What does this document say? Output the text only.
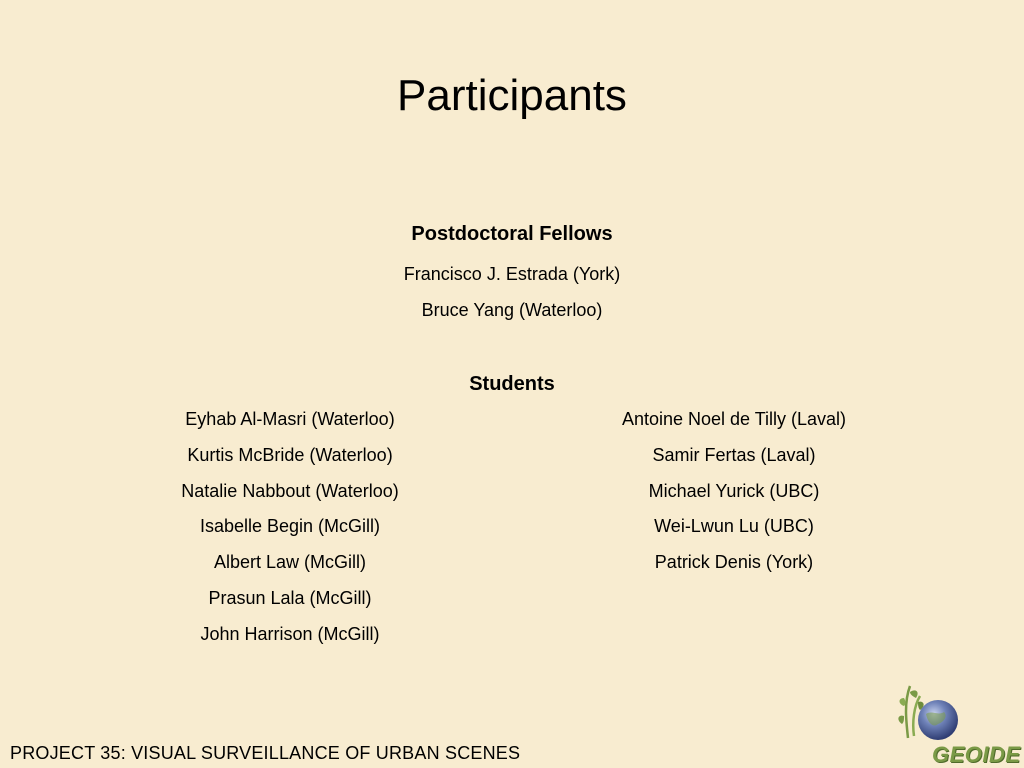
Participants
Postdoctoral Fellows
Francisco J. Estrada (York)
Bruce Yang (Waterloo)
Students
Eyhab Al-Masri (Waterloo)
Kurtis McBride (Waterloo)
Natalie Nabbout (Waterloo)
Isabelle Begin (McGill)
Albert Law (McGill)
Prasun Lala (McGill)
John Harrison (McGill)
Antoine Noel de Tilly (Laval)
Samir Fertas (Laval)
Michael Yurick (UBC)
Wei-Lwun Lu (UBC)
Patrick Denis (York)
PROJECT 35: VISUAL SURVEILLANCE OF URBAN SCENES	GEOIDE
